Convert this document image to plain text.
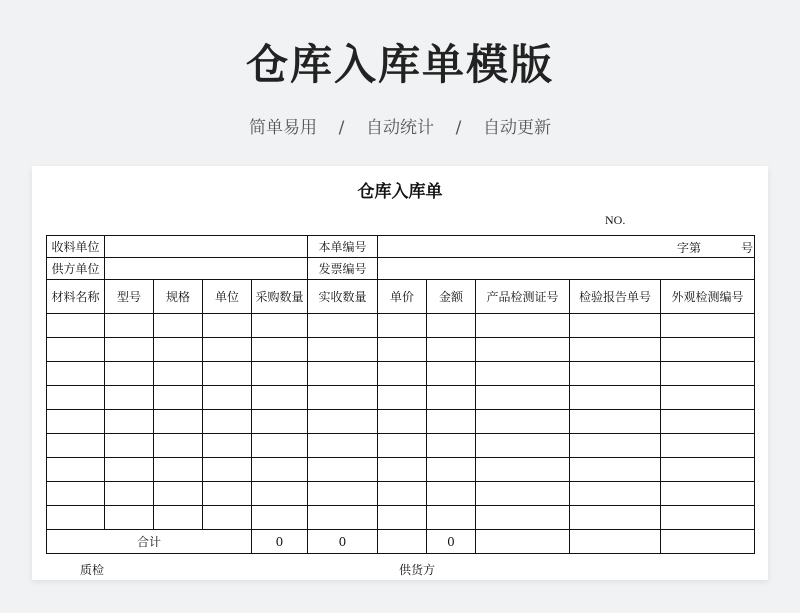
仓库入库单模版
简单易用    /    自动统计    /    自动更新
仓库入库单
NO.
收料单位					本单编号	字第 号				

供方单位					发票编号					
材料名称	型号	规格	单位	采购数量	实收数量	单价	金额	产品检测证号	检验报告单号	外观检测编号

合计				0	0		0			
质检	供货方
